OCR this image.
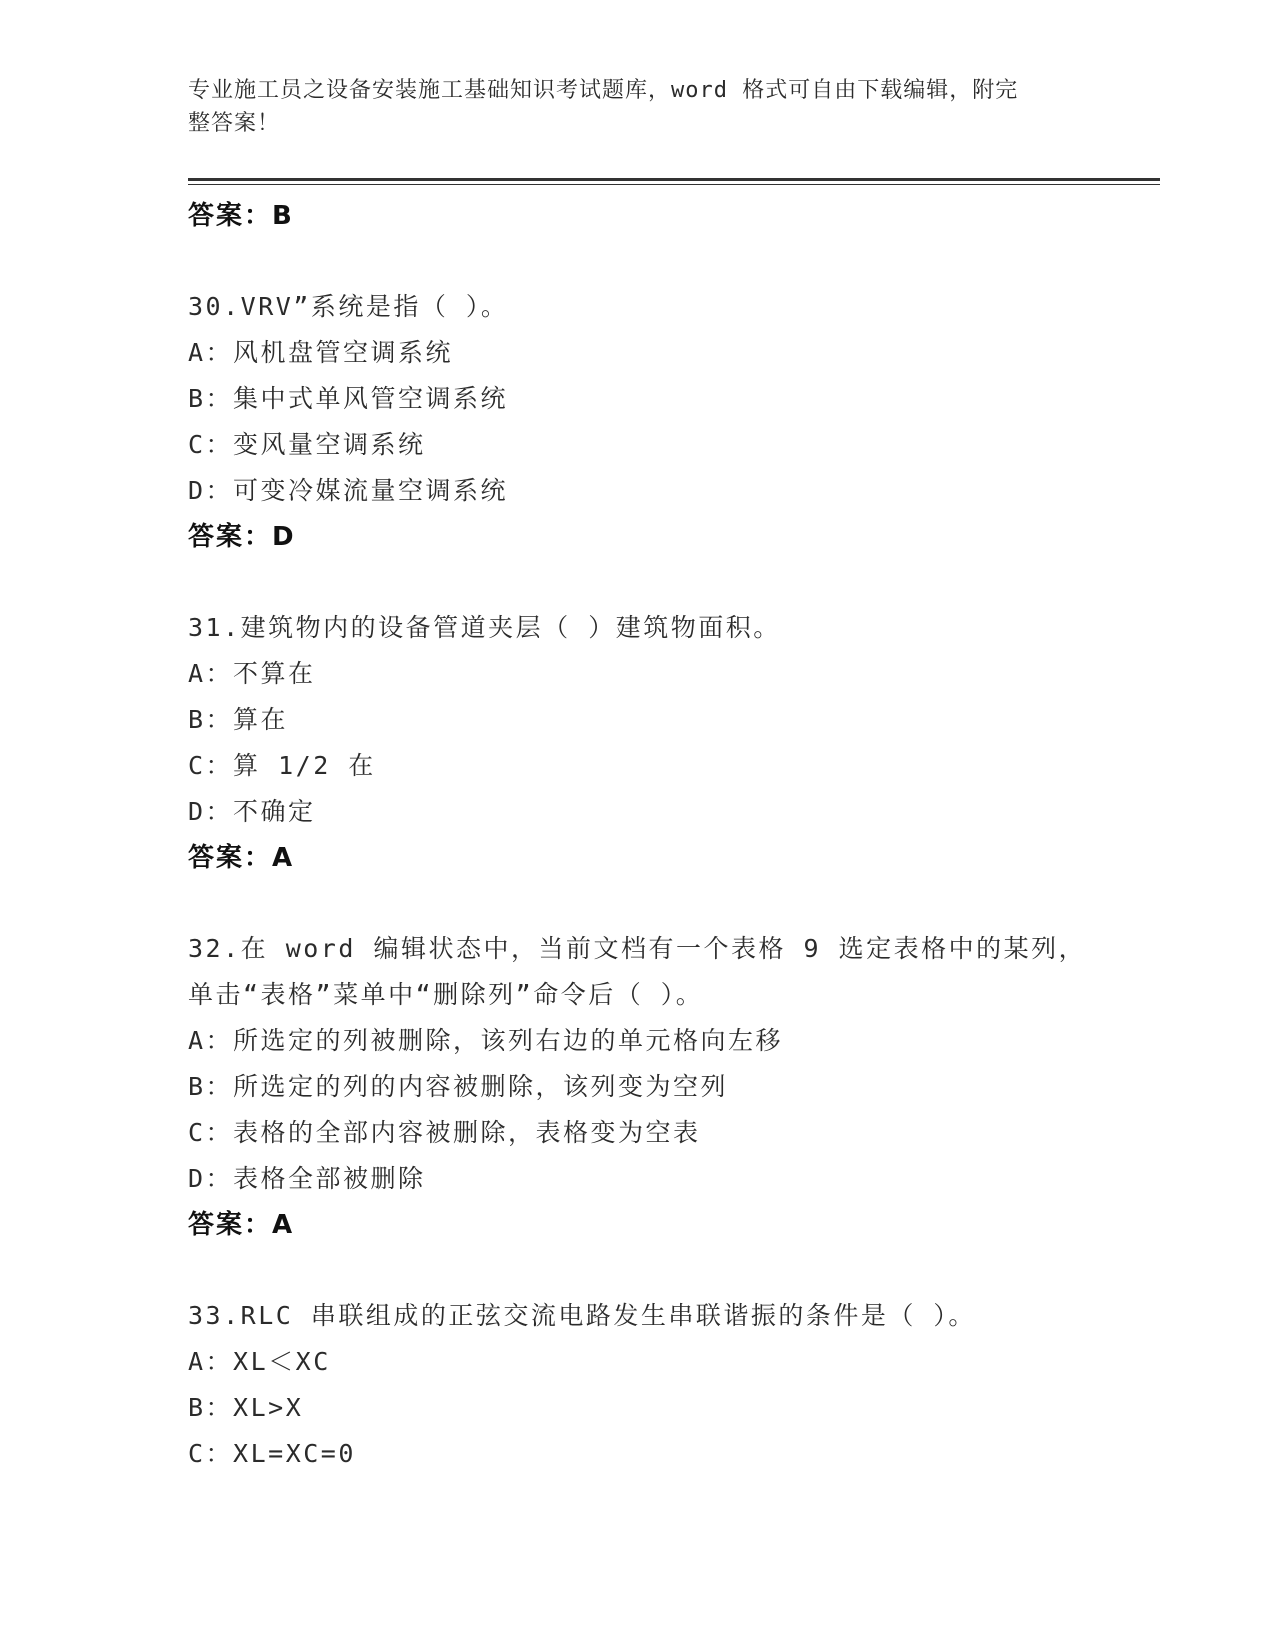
专业施工员之设备安装施工基础知识考试题库，word 格式可自由下载编辑，附完
整答案！
答案：B
30.VRV”系统是指（ ）。
A：风机盘管空调系统
B：集中式单风管空调系统
C：变风量空调系统
D：可变冷媒流量空调系统
答案：D
31.建筑物内的设备管道夹层（ ）建筑物面积。
A：不算在
B：算在
C：算 1/2 在
D：不确定
答案：A
32.在 word 编辑状态中，当前文档有一个表格 9 选定表格中的某列，
单击“表格”菜单中“删除列”命令后（ ）。
A：所选定的列被删除，该列右边的单元格向左移
B：所选定的列的内容被删除，该列变为空列
C：表格的全部内容被删除，表格变为空表
D：表格全部被删除
答案：A
33.RLC 串联组成的正弦交流电路发生串联谐振的条件是（ ）。
A：XL＜XC
B：XL>X
C：XL=XC=0
